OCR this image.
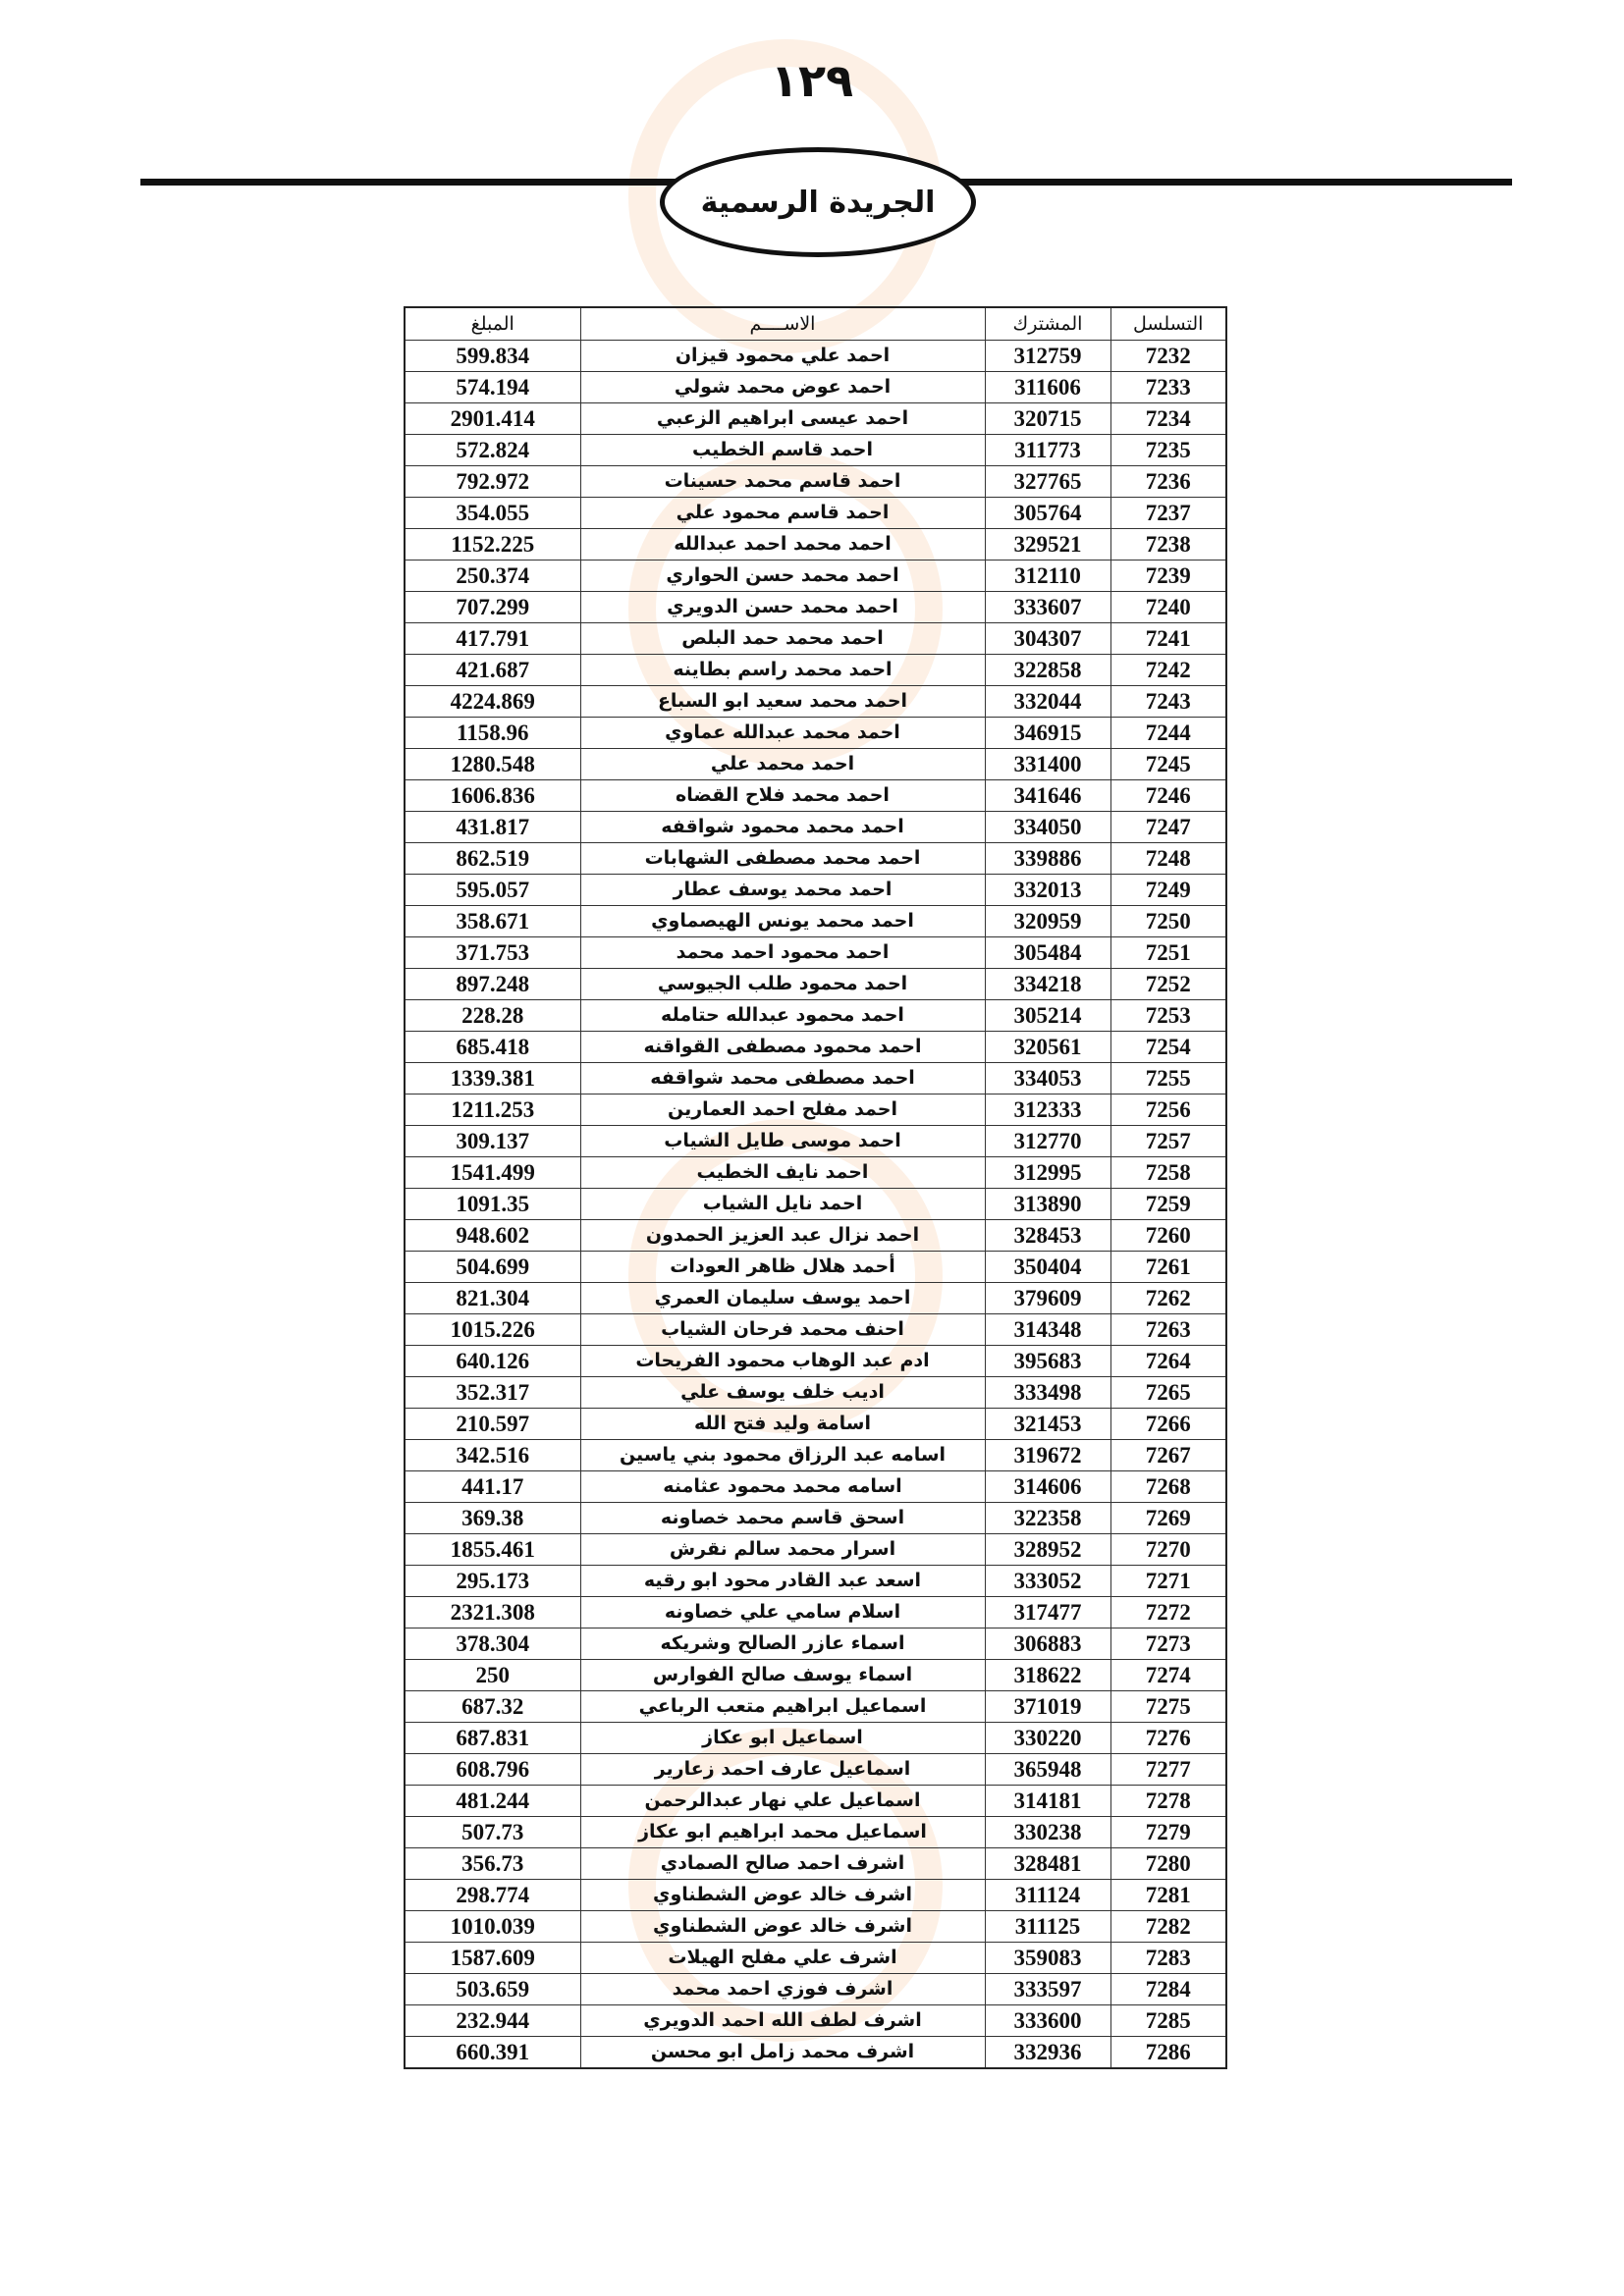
١٢٩
الجريدة الرسمية
التسلسل	المشترك	الاســــم	المبلغ
7232	312759	احمد علي محمود قيزان	599.834
7233	311606	احمد عوض محمد شولي	574.194
7234	320715	احمد عيسى ابراهيم الزعبي	2901.414
7235	311773	احمد قاسم الخطيب	572.824
7236	327765	احمد قاسم محمد حسينات	792.972
7237	305764	احمد قاسم محمود علي	354.055
7238	329521	احمد محمد احمد عبدالله	1152.225
7239	312110	احمد محمد حسن الحواري	250.374
7240	333607	احمد محمد حسن الدويري	707.299
7241	304307	احمد محمد حمد البلص	417.791
7242	322858	احمد محمد راسم بطاينه	421.687
7243	332044	احمد محمد سعيد ابو السباع	4224.869
7244	346915	احمد محمد عبدالله عماوي	1158.96
7245	331400	احمد محمد علي	1280.548
7246	341646	احمد محمد فلاح القضاه	1606.836
7247	334050	احمد محمد محمود شواقفه	431.817
7248	339886	احمد محمد مصطفى الشهابات	862.519
7249	332013	احمد محمد يوسف عطار	595.057
7250	320959	احمد محمد يونس الهيصماوي	358.671
7251	305484	احمد محمود احمد محمد	371.753
7252	334218	احمد محمود طلب الجيوسي	897.248
7253	305214	احمد محمود عبدالله حتامله	228.28
7254	320561	احمد محمود مصطفى القواقنه	685.418
7255	334053	احمد مصطفى محمد شواقفه	1339.381
7256	312333	احمد مفلح احمد العمارين	1211.253
7257	312770	احمد موسى طايل الشياب	309.137
7258	312995	احمد نايف الخطيب	1541.499
7259	313890	احمد نايل الشياب	1091.35
7260	328453	احمد نزال عبد العزيز الحمدون	948.602
7261	350404	أحمد هلال ظاهر العودات	504.699
7262	379609	احمد يوسف سليمان العمري	821.304
7263	314348	احنف محمد فرحان الشياب	1015.226
7264	395683	ادم عبد الوهاب محمود الفريحات	640.126
7265	333498	اديب خلف يوسف علي	352.317
7266	321453	اسامة وليد فتح الله	210.597
7267	319672	اسامه عبد الرزاق محمود بني ياسين	342.516
7268	314606	اسامه محمد محمود عثامنه	441.17
7269	322358	اسحق قاسم محمد خصاونه	369.38
7270	328952	اسرار محمد سالم نقرش	1855.461
7271	333052	اسعد عبد القادر محود ابو رقيه	295.173
7272	317477	اسلام سامي علي خصاونه	2321.308
7273	306883	اسماء عازر الصالح وشريكه	378.304
7274	318622	اسماء يوسف صالح الفوارس	250
7275	371019	اسماعيل ابراهيم متعب الرباعي	687.32
7276	330220	اسماعيل ابو عكاز	687.831
7277	365948	اسماعيل عارف احمد زعارير	608.796
7278	314181	اسماعيل علي نهار عبدالرحمن	481.244
7279	330238	اسماعيل محمد ابراهيم ابو عكاز	507.73
7280	328481	اشرف احمد صالح الصمادي	356.73
7281	311124	اشرف خالد عوض الشطناوي	298.774
7282	311125	اشرف خالد عوض الشطناوي	1010.039
7283	359083	اشرف علي مفلح الهيلات	1587.609
7284	333597	اشرف فوزي احمد محمد	503.659
7285	333600	اشرف لطف الله احمد الدويري	232.944
7286	332936	اشرف محمد زامل ابو محسن	660.391
